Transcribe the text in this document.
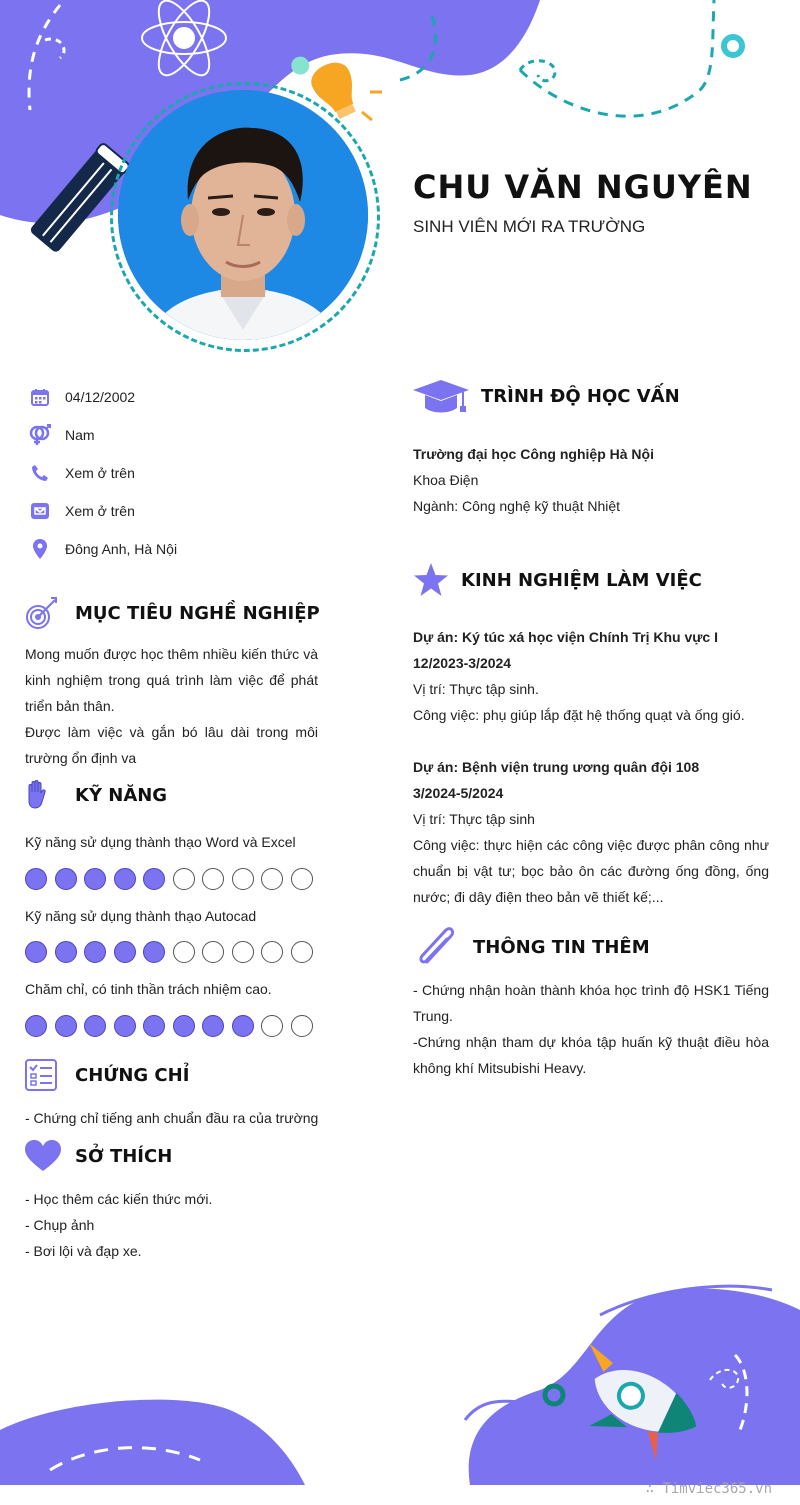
CHU VĂN NGUYÊN
SINH VIÊN MỚI RA TRƯỜNG
04/12/2002
Nam
Xem ở trên
Xem ở trên
Đông Anh, Hà Nội
MỤC TIÊU NGHỀ NGHIỆP

Mong muốn được học thêm nhiều kiến thức và kinh nghiệm trong quá trình làm việc để phát triển bản thân.

Được làm việc và gắn bó lâu dài trong môi trường ổn định va

KỸ NĂNG
Kỹ năng sử dụng thành thạo Word và Excel
Kỹ năng sử dụng thành thạo Autocad
Chăm chỉ, có tinh thần trách nhiệm cao.
CHỨNG CHỈ
- Chứng chỉ tiếng anh chuẩn đầu ra của trường
SỞ THÍCH

- Học thêm các kiến thức mới.

- Chụp ảnh

- Bơi lội và đạp xe.

TRÌNH ĐỘ HỌC VẤN

Trường đại học Công nghiệp Hà Nội

Khoa Điện

Ngành: Công nghệ kỹ thuật Nhiệt

KINH NGHIỆM LÀM VIỆC

Dự án: Ký túc xá học viện Chính Trị Khu vực I

12/2023-3/2024

Vị trí: Thực tập sinh.

Công việc: phụ giúp lắp đặt hệ thống quạt và ống gió.

Dự án: Bệnh viện trung ương quân đội 108

3/2024-5/2024

Vị trí: Thực tập sinh

Công việc: thực hiện các công việc được phân công như chuẩn bị vật tư; bọc bảo ôn các đường ống đồng, ống nước; đi dây điện theo bản vẽ thiết kế;...

THÔNG TIN THÊM

- Chứng nhận hoàn thành khóa học trình độ HSK1 Tiếng Trung.

-Chứng nhận tham dự khóa tập huấn kỹ thuật điều hòa không khí Mitsubishi Heavy.

∴ Timviec365.vn
